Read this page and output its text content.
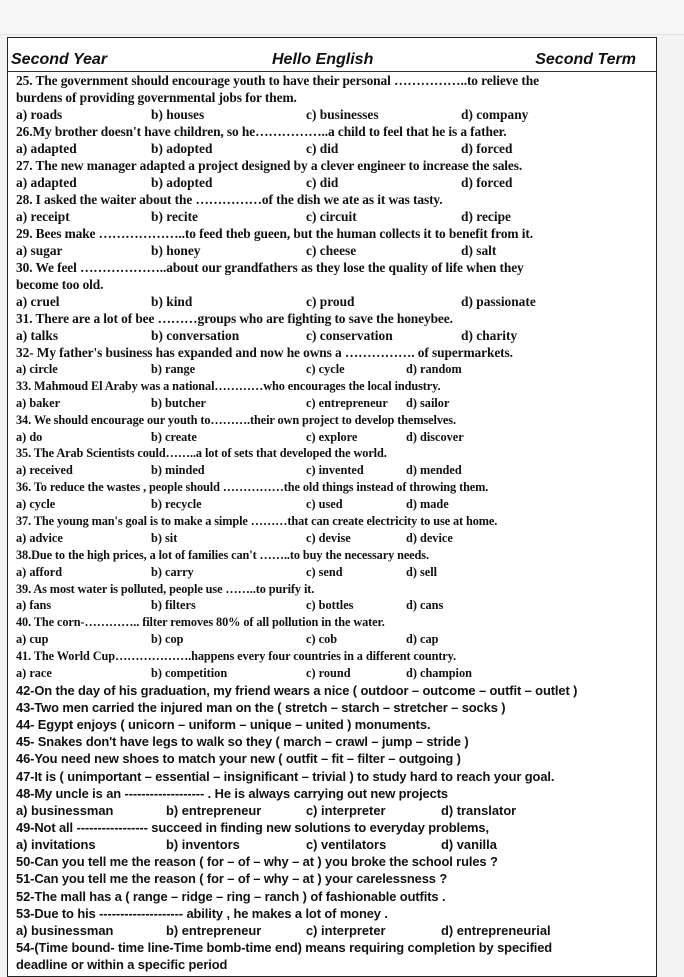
Second Year	Hello English	Second Term
25. The government should encourage youth to have their personal ……………..to relieve the
burdens of providing governmental jobs for them.
a) roads	b) houses	c) businesses	d) company
26.My brother doesn't have children, so he……………..a child to feel that he is a father.
a) adapted	b) adopted	c) did	d) forced
27. The new manager adapted a project designed by a clever engineer to increase the sales.
a) adapted	b) adopted	c) did	d) forced
28. I asked the waiter about the ……………of the dish we ate as it was tasty.
a) receipt	b) recite	c) circuit	d) recipe
29. Bees make ………………..to feed theb gueen, but the human collects it to benefit from it.
a) sugar	b) honey	c) cheese	d) salt
30. We feel ………………..about our grandfathers as they lose the quality of life when they
become too old.
a) cruel	b) kind	c) proud	d) passionate
31. There are a lot of bee ………groups who are fighting to save the honeybee.
a) talks	b) conversation	c) conservation	d) charity
32- My father's business has expanded and now he owns a ……………. of supermarkets.
a) circle	b) range	c) cycle	d) random
33. Mahmoud El Araby was a national…………who encourages the local industry.
a) baker	b) butcher	c) entrepreneur d) sailor
34. We should encourage our youth to……….their own project to develop themselves.
a) do	b) create	c) explore	d) discover
35. The Arab Scientists could……..a lot of sets that developed the world.
a) received	b) minded	c) invented	d) mended
36. To reduce the wastes , people should ……………the old things instead of throwing them.
a) cycle	b) recycle	c) used	d) made
37. The young man's goal is to make a simple ………that can create electricity to use at home.
a) advice	b) sit	c) devise	d) device
38.Due to the high prices, a lot of families can't ……..to buy the necessary needs.
a) afford	b) carry	c) send	d) sell
39. As most water is polluted, people use ……..to purify it.
a) fans	b) filters	c) bottles	d) cans
40. The corn-………….. filter removes 80% of all pollution in the water.
a) cup	b) cop	c) cob	d) cap
41. The World Cup……………….happens every four countries in a different country.
a) race	b) competition	c) round	d) champion
42-On the day of his graduation, my friend wears a nice ( outdoor – outcome – outfit – outlet )
43-Two men carried the injured man on the ( stretch – starch – stretcher – socks )
44- Egypt enjoys ( unicorn – uniform – unique – united ) monuments.
45- Snakes don't have legs to walk so they ( march – crawl – jump – stride )
46-You need new shoes to match your new ( outfit – fit – filter – outgoing )
47-It is ( unimportant – essential – insignificant – trivial ) to study hard to reach your goal.
48-My uncle is an ------------------- . He is always carrying out new projects
a) businessman	b) entrepreneur	c) interpreter	d) translator
49-Not all ----------------- succeed in finding new solutions to everyday problems,
a) invitations	b) inventors	c) ventilators	d) vanilla
50-Can you tell me the reason ( for – of – why – at ) you broke the school rules ?
51-Can you tell me the reason ( for – of – why – at ) your carelessness ?
52-The mall has a ( range – ridge – ring – ranch ) of fashionable outfits .
53-Due to his -------------------- ability , he makes a lot of money .
a) businessman	b) entrepreneur	c) interpreter	d) entrepreneurial
54-(Time bound- time line-Time bomb-time end) means requiring completion by specified
deadline or within a specific period
